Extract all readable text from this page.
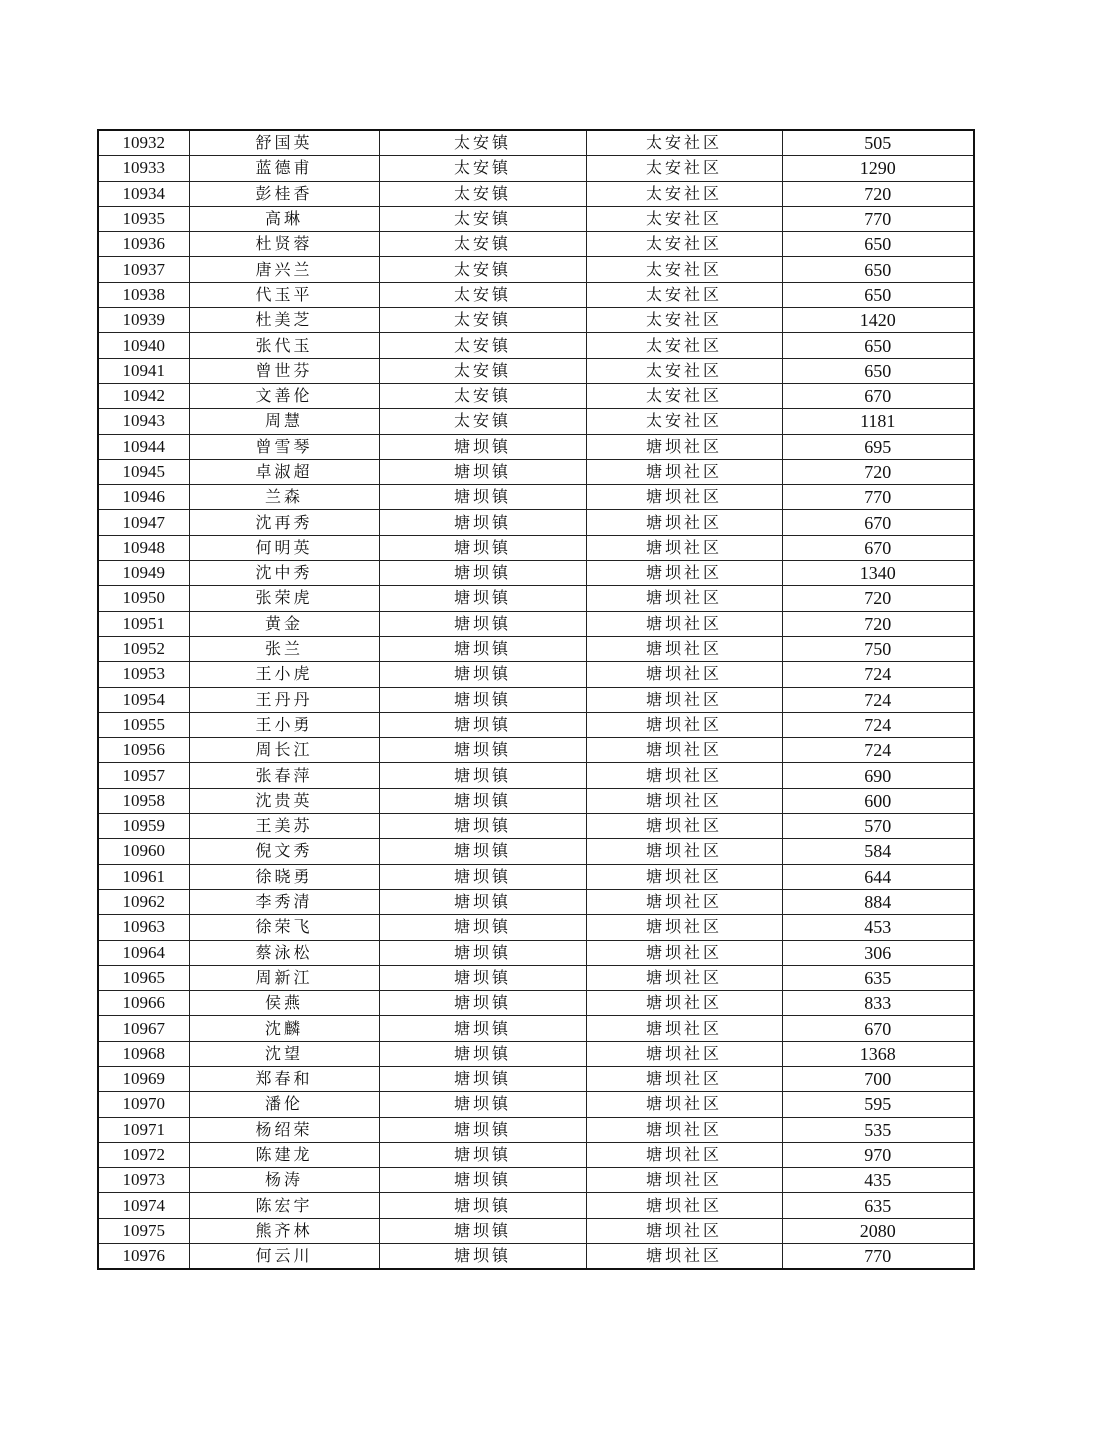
10932	舒国英	太安镇	太安社区	505
10933	蓝德甫	太安镇	太安社区	1290
10934	彭桂香	太安镇	太安社区	720
10935	高琳	太安镇	太安社区	770
10936	杜贤蓉	太安镇	太安社区	650
10937	唐兴兰	太安镇	太安社区	650
10938	代玉平	太安镇	太安社区	650
10939	杜美芝	太安镇	太安社区	1420
10940	张代玉	太安镇	太安社区	650
10941	曾世芬	太安镇	太安社区	650
10942	文善伦	太安镇	太安社区	670
10943	周慧	太安镇	太安社区	1181
10944	曾雪琴	塘坝镇	塘坝社区	695
10945	卓淑超	塘坝镇	塘坝社区	720
10946	兰森	塘坝镇	塘坝社区	770
10947	沈再秀	塘坝镇	塘坝社区	670
10948	何明英	塘坝镇	塘坝社区	670
10949	沈中秀	塘坝镇	塘坝社区	1340
10950	张荣虎	塘坝镇	塘坝社区	720
10951	黄金	塘坝镇	塘坝社区	720
10952	张兰	塘坝镇	塘坝社区	750
10953	王小虎	塘坝镇	塘坝社区	724
10954	王丹丹	塘坝镇	塘坝社区	724
10955	王小勇	塘坝镇	塘坝社区	724
10956	周长江	塘坝镇	塘坝社区	724
10957	张春萍	塘坝镇	塘坝社区	690
10958	沈贵英	塘坝镇	塘坝社区	600
10959	王美苏	塘坝镇	塘坝社区	570
10960	倪文秀	塘坝镇	塘坝社区	584
10961	徐晓勇	塘坝镇	塘坝社区	644
10962	李秀清	塘坝镇	塘坝社区	884
10963	徐荣飞	塘坝镇	塘坝社区	453
10964	蔡泳松	塘坝镇	塘坝社区	306
10965	周新江	塘坝镇	塘坝社区	635
10966	侯燕	塘坝镇	塘坝社区	833
10967	沈麟	塘坝镇	塘坝社区	670
10968	沈望	塘坝镇	塘坝社区	1368
10969	郑春和	塘坝镇	塘坝社区	700
10970	潘伦	塘坝镇	塘坝社区	595
10971	杨绍荣	塘坝镇	塘坝社区	535
10972	陈建龙	塘坝镇	塘坝社区	970
10973	杨涛	塘坝镇	塘坝社区	435
10974	陈宏宇	塘坝镇	塘坝社区	635
10975	熊齐林	塘坝镇	塘坝社区	2080
10976	何云川	塘坝镇	塘坝社区	770
